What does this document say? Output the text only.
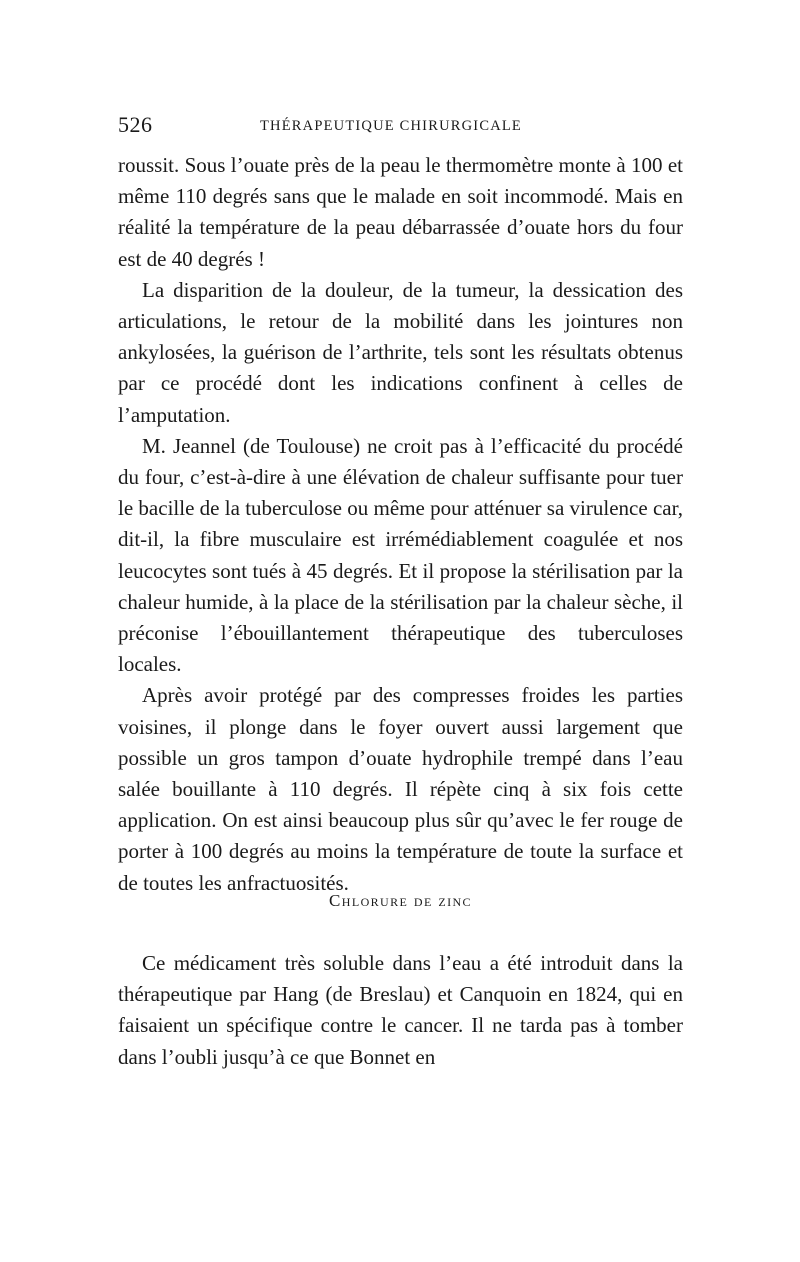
526	THÉRAPEUTIQUE CHIRURGICALE

roussit. Sous l’ouate près de la peau le thermomètre monte à 100 et même 110 degrés sans que le malade en soit incommodé. Mais en réalité la température de la peau débarrassée d’ouate hors du four est de 40 degrés !

La disparition de la douleur, de la tumeur, la dessication des articulations, le retour de la mobilité dans les jointures non ankylosées, la guérison de l’arthrite, tels sont les résultats obtenus par ce procédé dont les indications confinent à celles de l’amputation.

M. Jeannel (de Toulouse) ne croit pas à l’efficacité du procédé du four, c’est-à-dire à une élévation de chaleur suffisante pour tuer le bacille de la tuberculose ou même pour atténuer sa virulence car, dit-il, la fibre musculaire est irrémédiablement coagulée et nos leucocytes sont tués à 45 degrés. Et il propose la stérilisation par la chaleur humide, à la place de la stérilisation par la chaleur sèche, il préconise l’ébouillantement thérapeutique des tuberculoses locales.

Après avoir protégé par des compresses froides les parties voisines, il plonge dans le foyer ouvert aussi largement que possible un gros tampon d’ouate hydrophile trempé dans l’eau salée bouillante à 110 degrés. Il répète cinq à six fois cette application. On est ainsi beaucoup plus sûr qu’avec le fer rouge de porter à 100 degrés au moins la température de toute la surface et de toutes les anfractuosités.

Chlorure de zinc

Ce médicament très soluble dans l’eau a été introduit dans la thérapeutique par Hang (de Breslau) et Canquoin en 1824, qui en faisaient un spécifique contre le cancer. Il ne tarda pas à tomber dans l’oubli jusqu’à ce que Bonnet en
